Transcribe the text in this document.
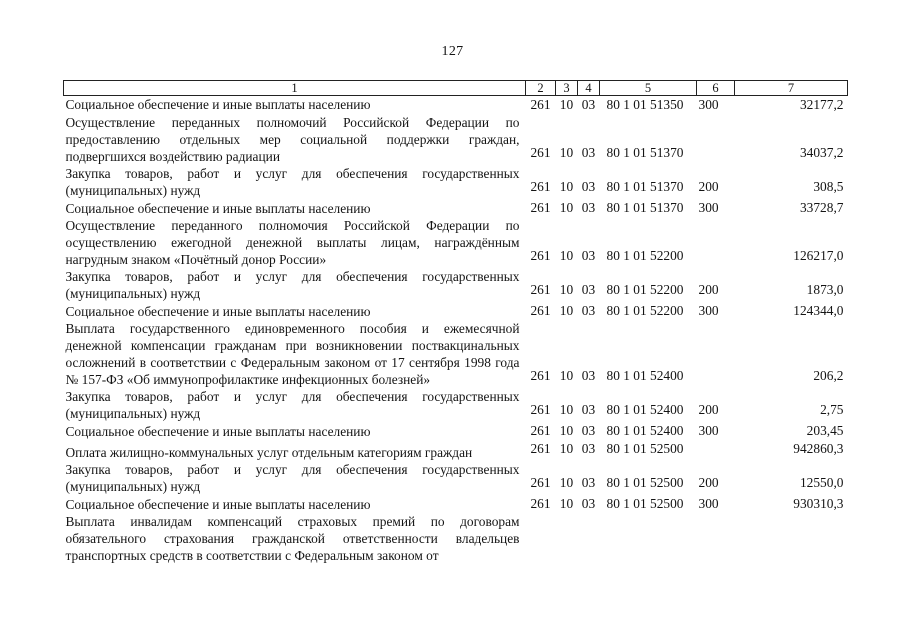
127
1	2	3	4	5	6	7
Социальное обеспечение и иные выплаты населению	261	10	03	80 1 01 51350	300	32177,2
Осуществление переданных полномочий Российской Федерации по предоставлению отдельных мер социальной поддержки граждан, подвергшихся воздействию радиации	261	10	03	80 1 01 51370		34037,2
Закупка товаров, работ и услуг для обеспечения государственных (муниципальных) нужд	261	10	03	80 1 01 51370	200	308,5
Социальное обеспечение и иные выплаты населению	261	10	03	80 1 01 51370	300	33728,7
Осуществление переданного полномочия Российской Федерации по осуществлению ежегодной денежной выплаты лицам, награждённым нагрудным знаком «Почётный донор России»	261	10	03	80 1 01 52200		126217,0
Закупка товаров, работ и услуг для обеспечения государственных (муниципальных) нужд	261	10	03	80 1 01 52200	200	1873,0
Социальное обеспечение и иные выплаты населению	261	10	03	80 1 01 52200	300	124344,0
Выплата государственного единовременного пособия и ежемесячной денежной компенсации гражданам при возникновении поствакцинальных осложнений в соответствии с Федеральным законом от 17 сентября 1998 года № 157-ФЗ «Об иммунопрофилактике инфекционных болезней»	261	10	03	80 1 01 52400		206,2
Закупка товаров, работ и услуг для обеспечения государственных (муниципальных) нужд	261	10	03	80 1 01 52400	200	2,75
Социальное обеспечение и иные выплаты населению	261	10	03	80 1 01 52400	300	203,45
Оплата жилищно-коммунальных услуг отдельным категориям граждан	261	10	03	80 1 01 52500		942860,3
Закупка товаров, работ и услуг для обеспечения государственных (муниципальных) нужд	261	10	03	80 1 01 52500	200	12550,0
Социальное обеспечение и иные выплаты населению	261	10	03	80 1 01 52500	300	930310,3
Выплата инвалидам компенсаций страховых премий по договорам обязательного страхования гражданской ответственности владельцев транспортных средств в соответствии с Федеральным законом от						
